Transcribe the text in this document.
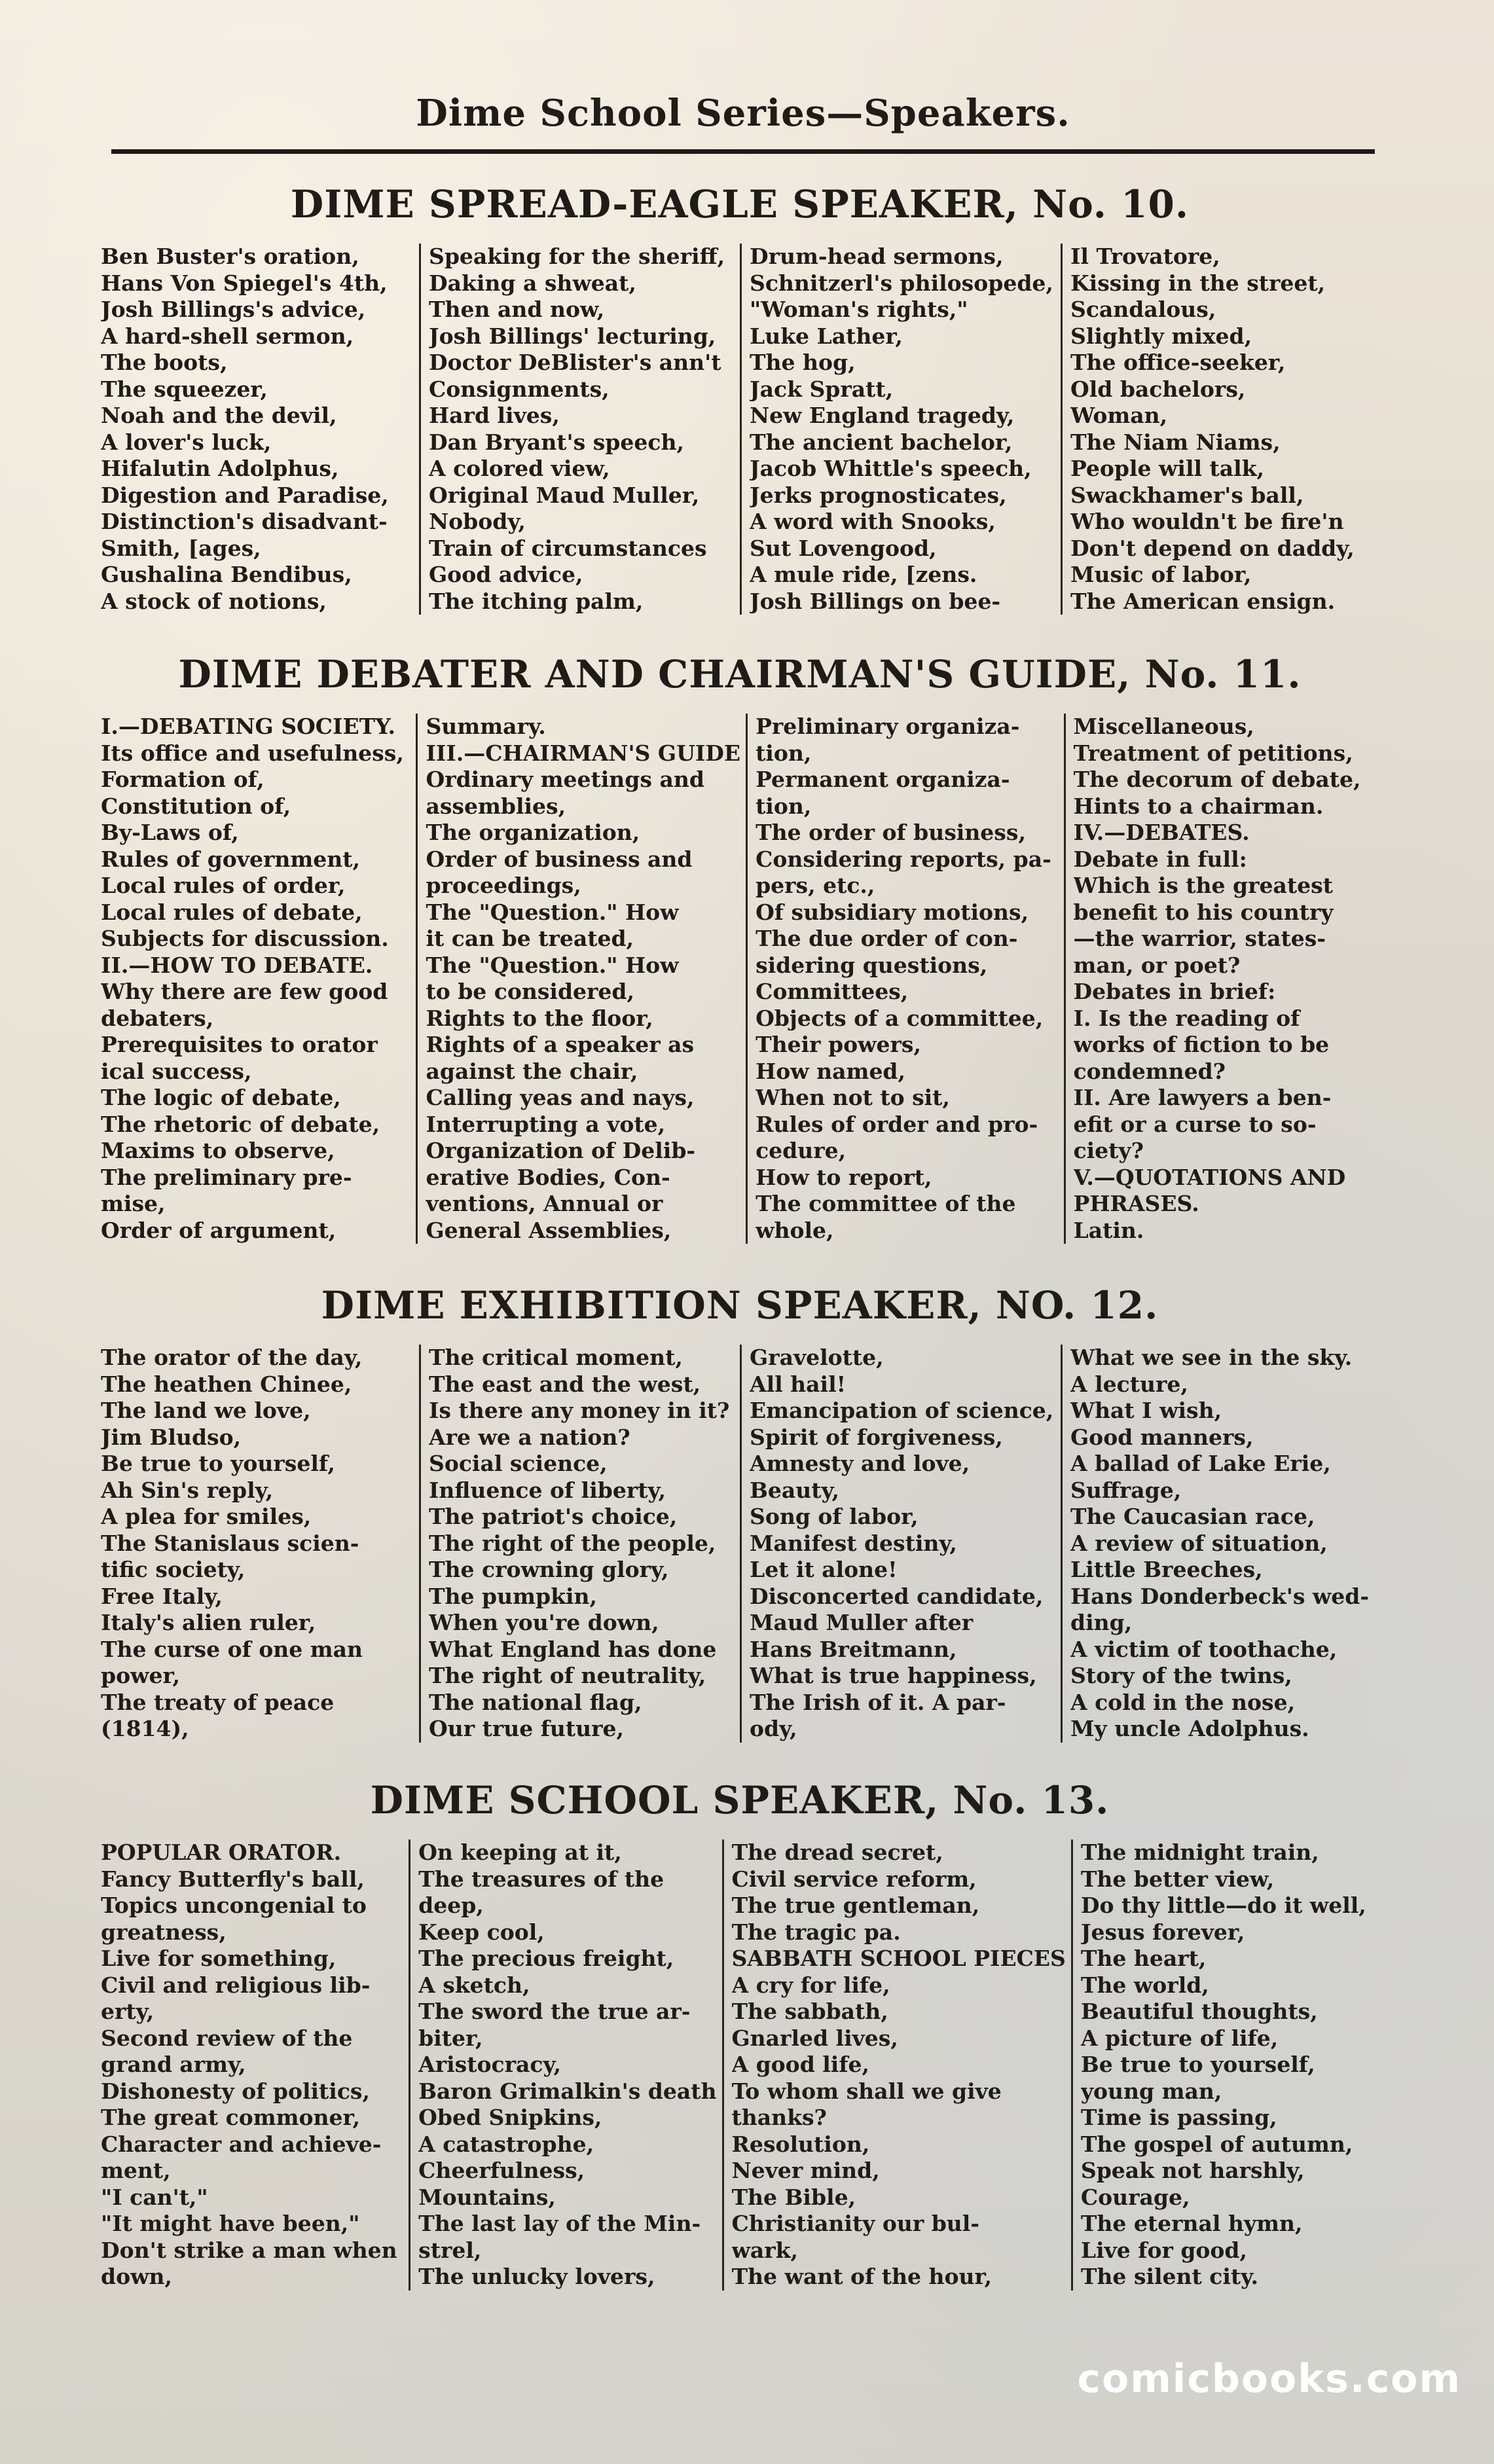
Dime School Series—Speakers.
DIME SPREAD-EAGLE SPEAKER, No. 10.
Ben Buster's oration,
Hans Von Spiegel's 4th,
Josh Billings's advice,
A hard-shell sermon,
The boots,
The squeezer,
Noah and the devil,
A lover's luck,
Hifalutin Adolphus,
Digestion and Paradise,
Distinction's disadvant-
Smith, [ages,
Gushalina Bendibus,
A stock of notions,
Speaking for the sheriff,
Daking a shweat,
Then and now,
Josh Billings' lecturing,
Doctor DeBlister's ann't
Consignments,
Hard lives,
Dan Bryant's speech,
A colored view,
Original Maud Muller,
Nobody,
Train of circumstances
Good advice,
The itching palm,
Drum-head sermons,
Schnitzerl's philosopede,
"Woman's rights,"
Luke Lather,
The hog,
Jack Spratt,
New England tragedy,
The ancient bachelor,
Jacob Whittle's speech,
Jerks prognosticates,
A word with Snooks,
Sut Lovengood,
A mule ride, [zens.
Josh Billings on bee-
Il Trovatore,
Kissing in the street,
Scandalous,
Slightly mixed,
The office-seeker,
Old bachelors,
Woman,
The Niam Niams,
People will talk,
Swackhamer's ball,
Who wouldn't be fire'n
Don't depend on daddy,
Music of labor,
The American ensign.
DIME DEBATER AND CHAIRMAN'S GUIDE, No. 11.
I.—DEBATING SOCIETY.
Its office and usefulness,
Formation of,
Constitution of,
By-Laws of,
Rules of government,
Local rules of order,
Local rules of debate,
Subjects for discussion.
II.—HOW TO DEBATE.
Why there are few good
debaters,
Prerequisites to orator
ical success,
The logic of debate,
The rhetoric of debate,
Maxims to observe,
The preliminary pre-
mise,
Order of argument,
Summary.
III.—CHAIRMAN'S GUIDE
Ordinary meetings and
assemblies,
The organization,
Order of business and
proceedings,
The "Question." How
it can be treated,
The "Question." How
to be considered,
Rights to the floor,
Rights of a speaker as
against the chair,
Calling yeas and nays,
Interrupting a vote,
Organization of Delib-
erative Bodies, Con-
ventions, Annual or
General Assemblies,
Preliminary organiza-
tion,
Permanent organiza-
tion,
The order of business,
Considering reports, pa-
pers, etc.,
Of subsidiary motions,
The due order of con-
sidering questions,
Committees,
Objects of a committee,
Their powers,
How named,
When not to sit,
Rules of order and pro-
cedure,
How to report,
The committee of the
whole,
Miscellaneous,
Treatment of petitions,
The decorum of debate,
Hints to a chairman.
IV.—DEBATES.
Debate in full:
Which is the greatest
benefit to his country
—the warrior, states-
man, or poet?
Debates in brief:
I. Is the reading of
works of fiction to be
condemned?
II. Are lawyers a ben-
efit or a curse to so-
ciety?
V.—QUOTATIONS AND
PHRASES.
Latin.
DIME EXHIBITION SPEAKER, NO. 12.
The orator of the day,
The heathen Chinee,
The land we love,
Jim Bludso,
Be true to yourself,
Ah Sin's reply,
A plea for smiles,
The Stanislaus scien-
tific society,
Free Italy,
Italy's alien ruler,
The curse of one man
power,
The treaty of peace
(1814),
The critical moment,
The east and the west,
Is there any money in it?
Are we a nation?
Social science,
Influence of liberty,
The patriot's choice,
The right of the people,
The crowning glory,
The pumpkin,
When you're down,
What England has done
The right of neutrality,
The national flag,
Our true future,
Gravelotte,
All hail!
Emancipation of science,
Spirit of forgiveness,
Amnesty and love,
Beauty,
Song of labor,
Manifest destiny,
Let it alone!
Disconcerted candidate,
Maud Muller after
Hans Breitmann,
What is true happiness,
The Irish of it. A par-
ody,
What we see in the sky.
A lecture,
What I wish,
Good manners,
A ballad of Lake Erie,
Suffrage,
The Caucasian race,
A review of situation,
Little Breeches,
Hans Donderbeck's wed-
ding,
A victim of toothache,
Story of the twins,
A cold in the nose,
My uncle Adolphus.
DIME SCHOOL SPEAKER, No. 13.
POPULAR ORATOR.
Fancy Butterfly's ball,
Topics uncongenial to
greatness,
Live for something,
Civil and religious lib-
erty,
Second review of the
grand army,
Dishonesty of politics,
The great commoner,
Character and achieve-
ment,
"I can't,"
"It might have been,"
Don't strike a man when
down,
On keeping at it,
The treasures of the
deep,
Keep cool,
The precious freight,
A sketch,
The sword the true ar-
biter,
Aristocracy,
Baron Grimalkin's death
Obed Snipkins,
A catastrophe,
Cheerfulness,
Mountains,
The last lay of the Min-
strel,
The unlucky lovers,
The dread secret,
Civil service reform,
The true gentleman,
The tragic pa.
SABBATH SCHOOL PIECES
A cry for life,
The sabbath,
Gnarled lives,
A good life,
To whom shall we give
thanks?
Resolution,
Never mind,
The Bible,
Christianity our bul-
wark,
The want of the hour,
The midnight train,
The better view,
Do thy little—do it well,
Jesus forever,
The heart,
The world,
Beautiful thoughts,
A picture of life,
Be true to yourself,
young man,
Time is passing,
The gospel of autumn,
Speak not harshly,
Courage,
The eternal hymn,
Live for good,
The silent city.
comicbooks.com
